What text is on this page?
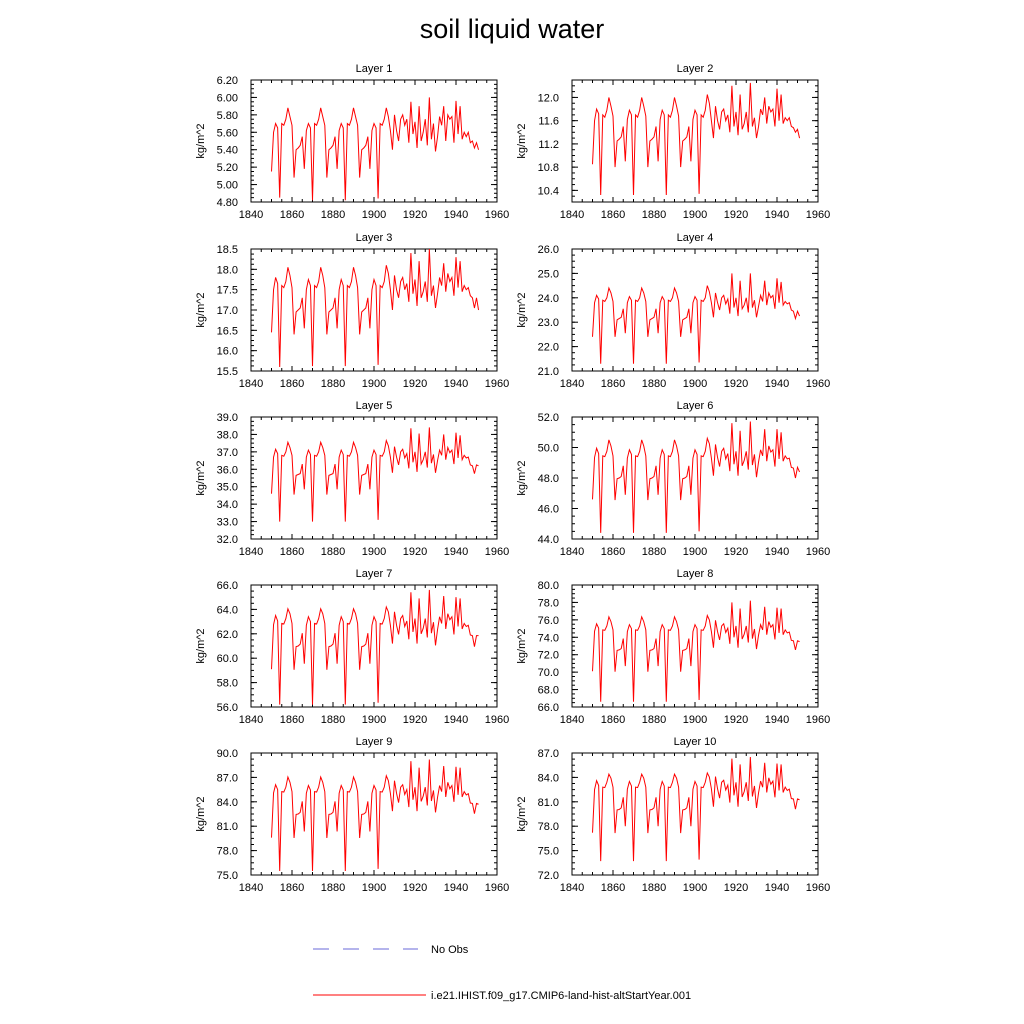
soil liquid water
Layer 1
kg/m^2
1840 1860 1880 1900 1920 1940 1960
4.80
5.00
5.20
5.40
5.60
5.80
6.00
6.20
Layer 2
kg/m^2
1840 1860 1880 1900 1920 1940 1960
10.4
10.8
11.2
11.6
12.0
Layer 3
kg/m^2
1840 1860 1880 1900 1920 1940 1960
15.5
16.0
16.5
17.0
17.5
18.0
18.5
Layer 4
kg/m^2
1840 1860 1880 1900 1920 1940 1960
21.0
22.0
23.0
24.0
25.0
26.0
Layer 5
kg/m^2
1840 1860 1880 1900 1920 1940 1960
32.0
33.0
34.0
35.0
36.0
37.0
38.0
39.0
Layer 6
kg/m^2
1840 1860 1880 1900 1920 1940 1960
44.0
46.0
48.0
50.0
52.0
Layer 7
kg/m^2
1840 1860 1880 1900 1920 1940 1960
56.0
58.0
60.0
62.0
64.0
66.0
Layer 8
kg/m^2
1840 1860 1880 1900 1920 1940 1960
66.0
68.0
70.0
72.0
74.0
76.0
78.0
80.0
Layer 9
kg/m^2
1840 1860 1880 1900 1920 1940 1960
75.0
78.0
81.0
84.0
87.0
90.0
Layer 10
kg/m^2
1840 1860 1880 1900 1920 1940 1960
72.0
75.0
78.0
81.0
84.0
87.0
No Obs
i.e21.IHIST.f09_g17.CMIP6-land-hist-altStartYear.001
